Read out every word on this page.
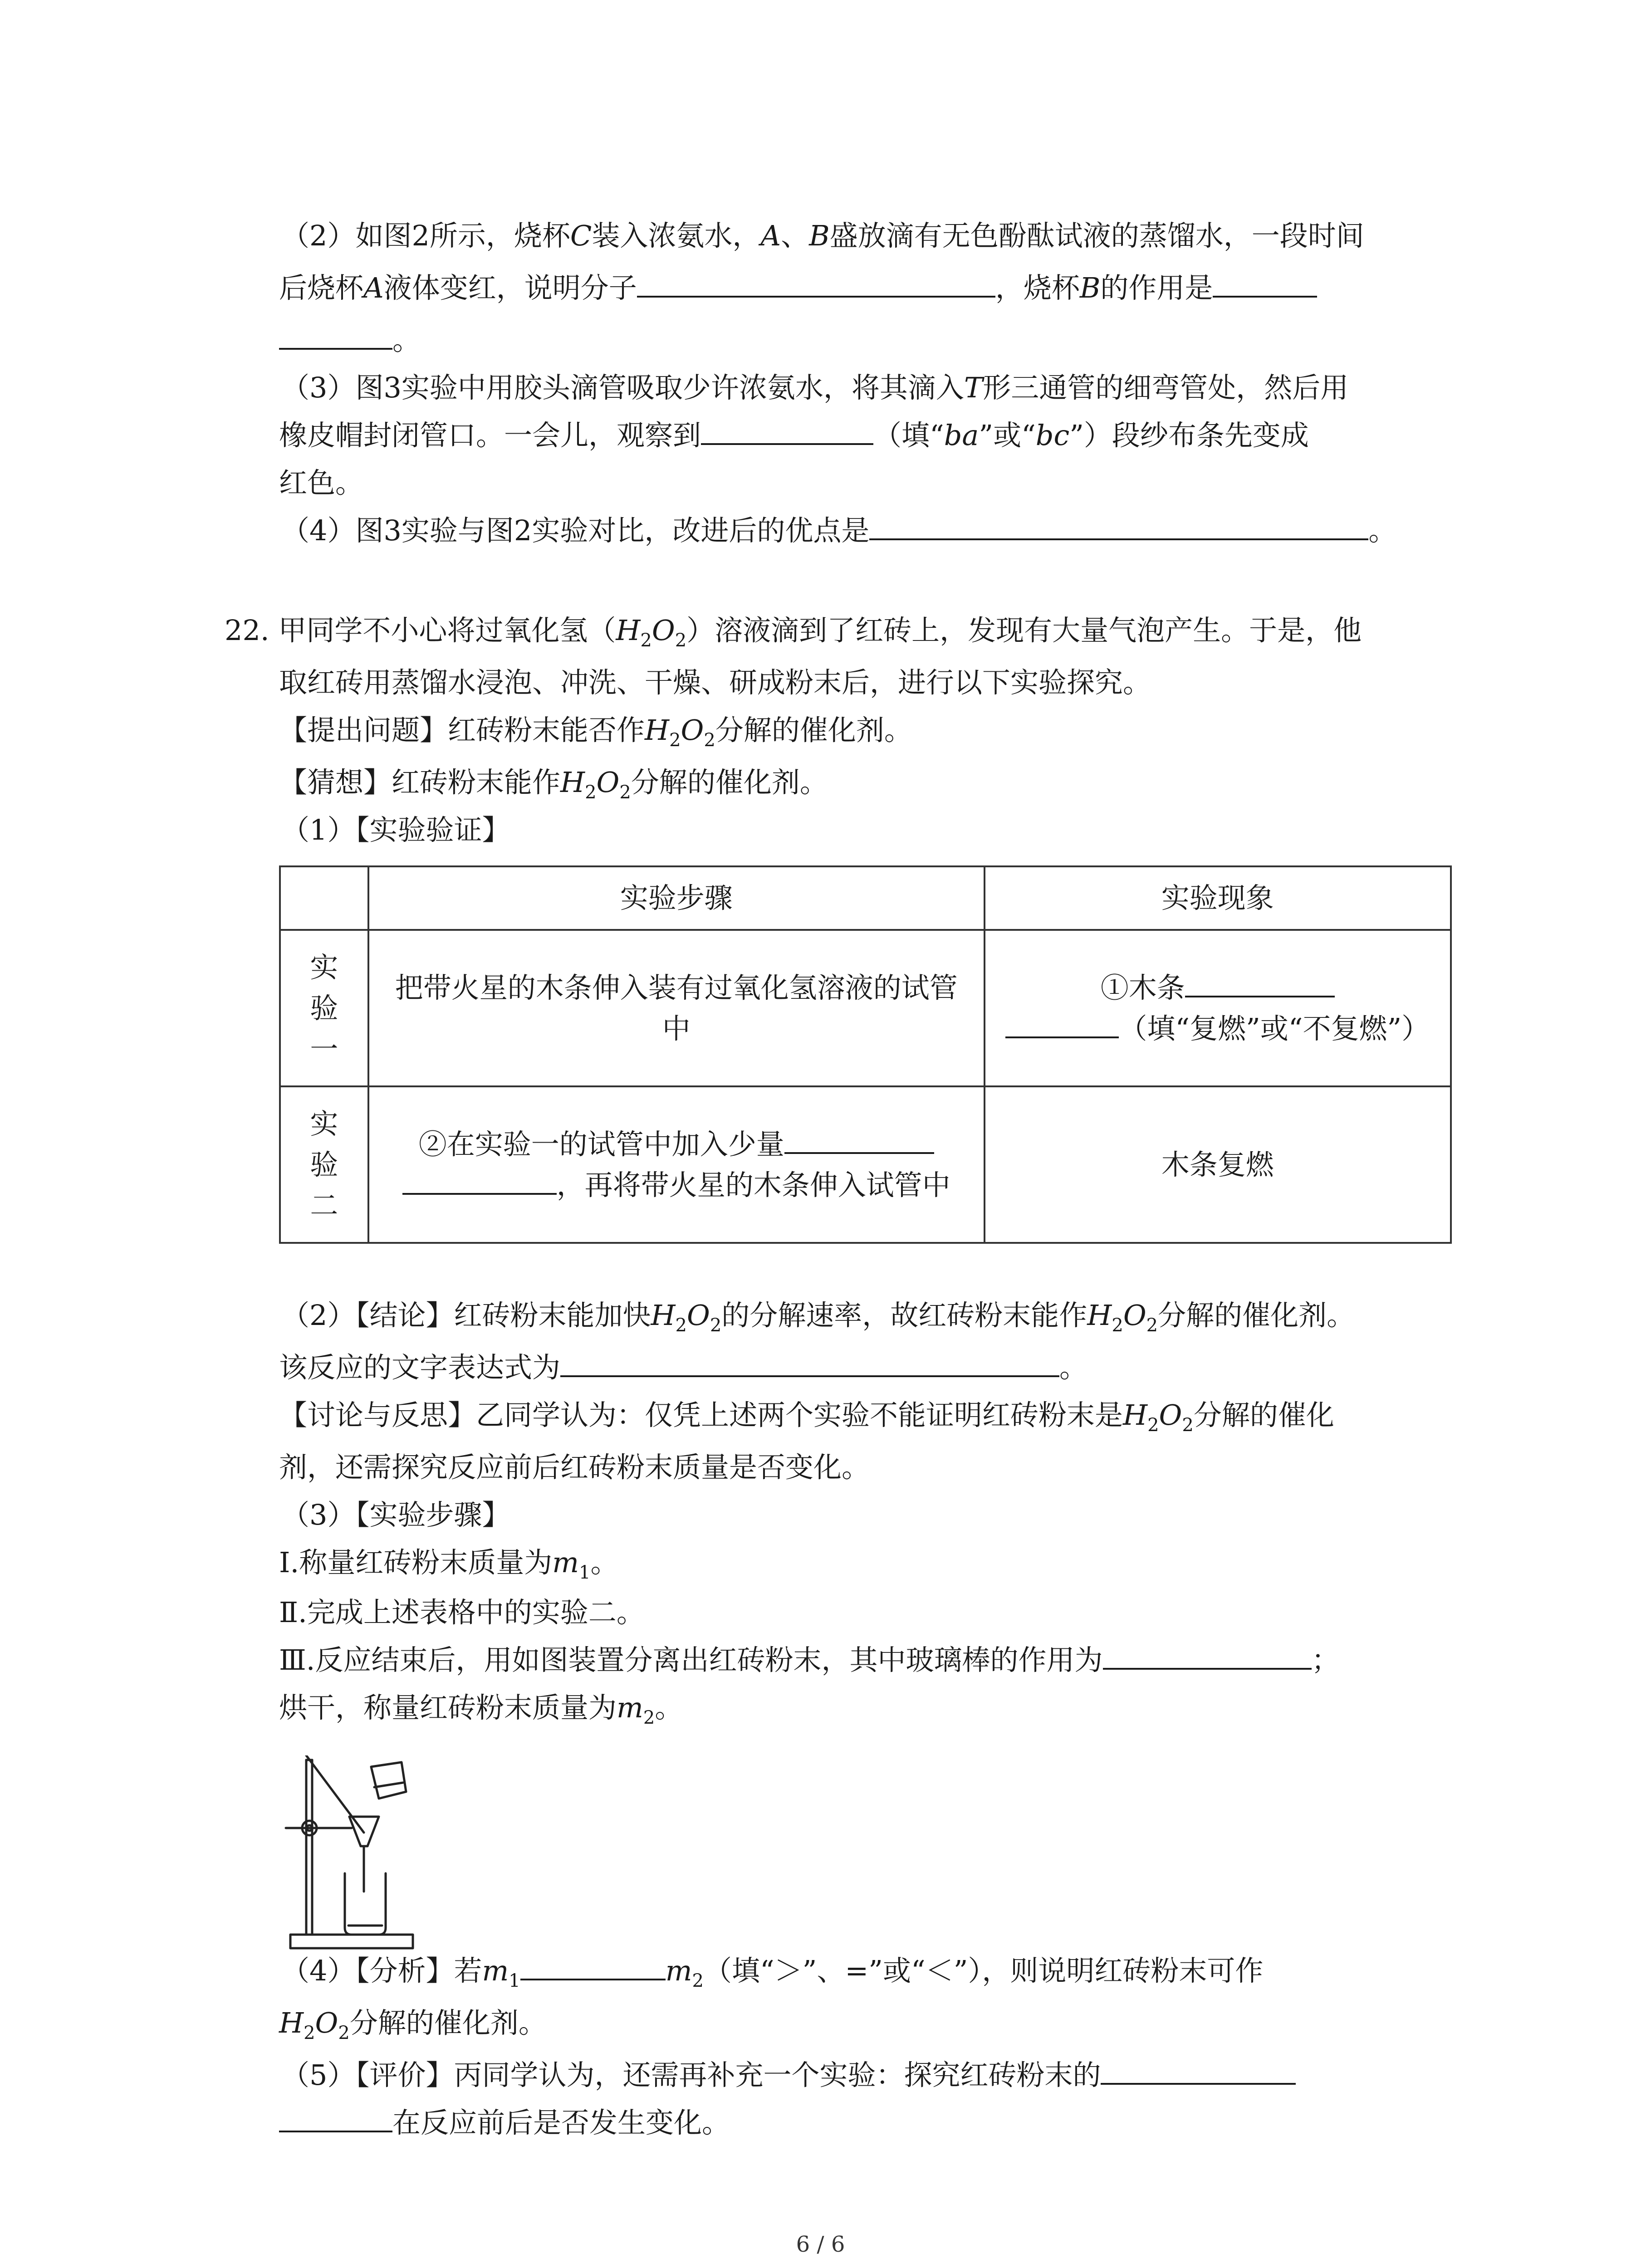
（2）如图2所示，烧杯C装入浓氨水，A、B盛放滴有无色酚酞试液的蒸馏水，一段时间
后烧杯A液体变红，说明分子	，烧杯B的作用是
。
（3）图3实验中用胶头滴管吸取少许浓氨水，将其滴入T形三通管的细弯管处，然后用
橡皮帽封闭管口。一会儿，观察到	（填“ba”或“bc”）段纱布条先变成
红色。
（4）图3实验与图2实验对比，改进后的优点是	。
22. 甲同学不小心将过氧化氢$(H_2O_2)$溶液滴到了红砖上，发现有大量气泡产生。于是，他
取红砖用蒸馏水浸泡、冲洗、干燥、研成粉末后，进行以下实验探究。
【提出问题】红砖粉末能否作$H_2O_2$分解的催化剂。
【猜想】红砖粉末能作$H_2O_2$分解的催化剂。
（1）【实验验证】
	实验步骤	实验现象
实验一	把带火星的木条伸入装有过氧化氢溶液的试管中	①木条
（填“复燃”或“不复燃”）
实验二	②在实验一的试管中加入少量
，再将带火星的木条伸入试管中	木条复燃
（2）【结论】红砖粉末能加快$H_2O_2$的分解速率，故红砖粉末能作$H_2O_2$分解的催化剂。
该反应的文字表达式为	。
【讨论与反思】乙同学认为：仅凭上述两个实验不能证明红砖粉末是$H_2O_2$分解的催化
剂，还需探究反应前后红砖粉末质量是否变化。
（3）【实验步骤】
Ⅰ.称量红砖粉末质量为$m_1$。
Ⅱ.完成上述表格中的实验二。
Ⅲ.反应结束后，用如图装置分离出红砖粉末，其中玻璃棒的作用为	；
烘干，称量红砖粉末质量为$m_2$。
（4）【分析】若$m_1$	$m_2$（填“＞”、=”或“＜”），则说明红砖粉末可作
$H_2O_2$分解的催化剂。
（5）【评价】丙同学认为，还需再补充一个实验：探究红砖粉末的
在反应前后是否发生变化。
6 / 6
